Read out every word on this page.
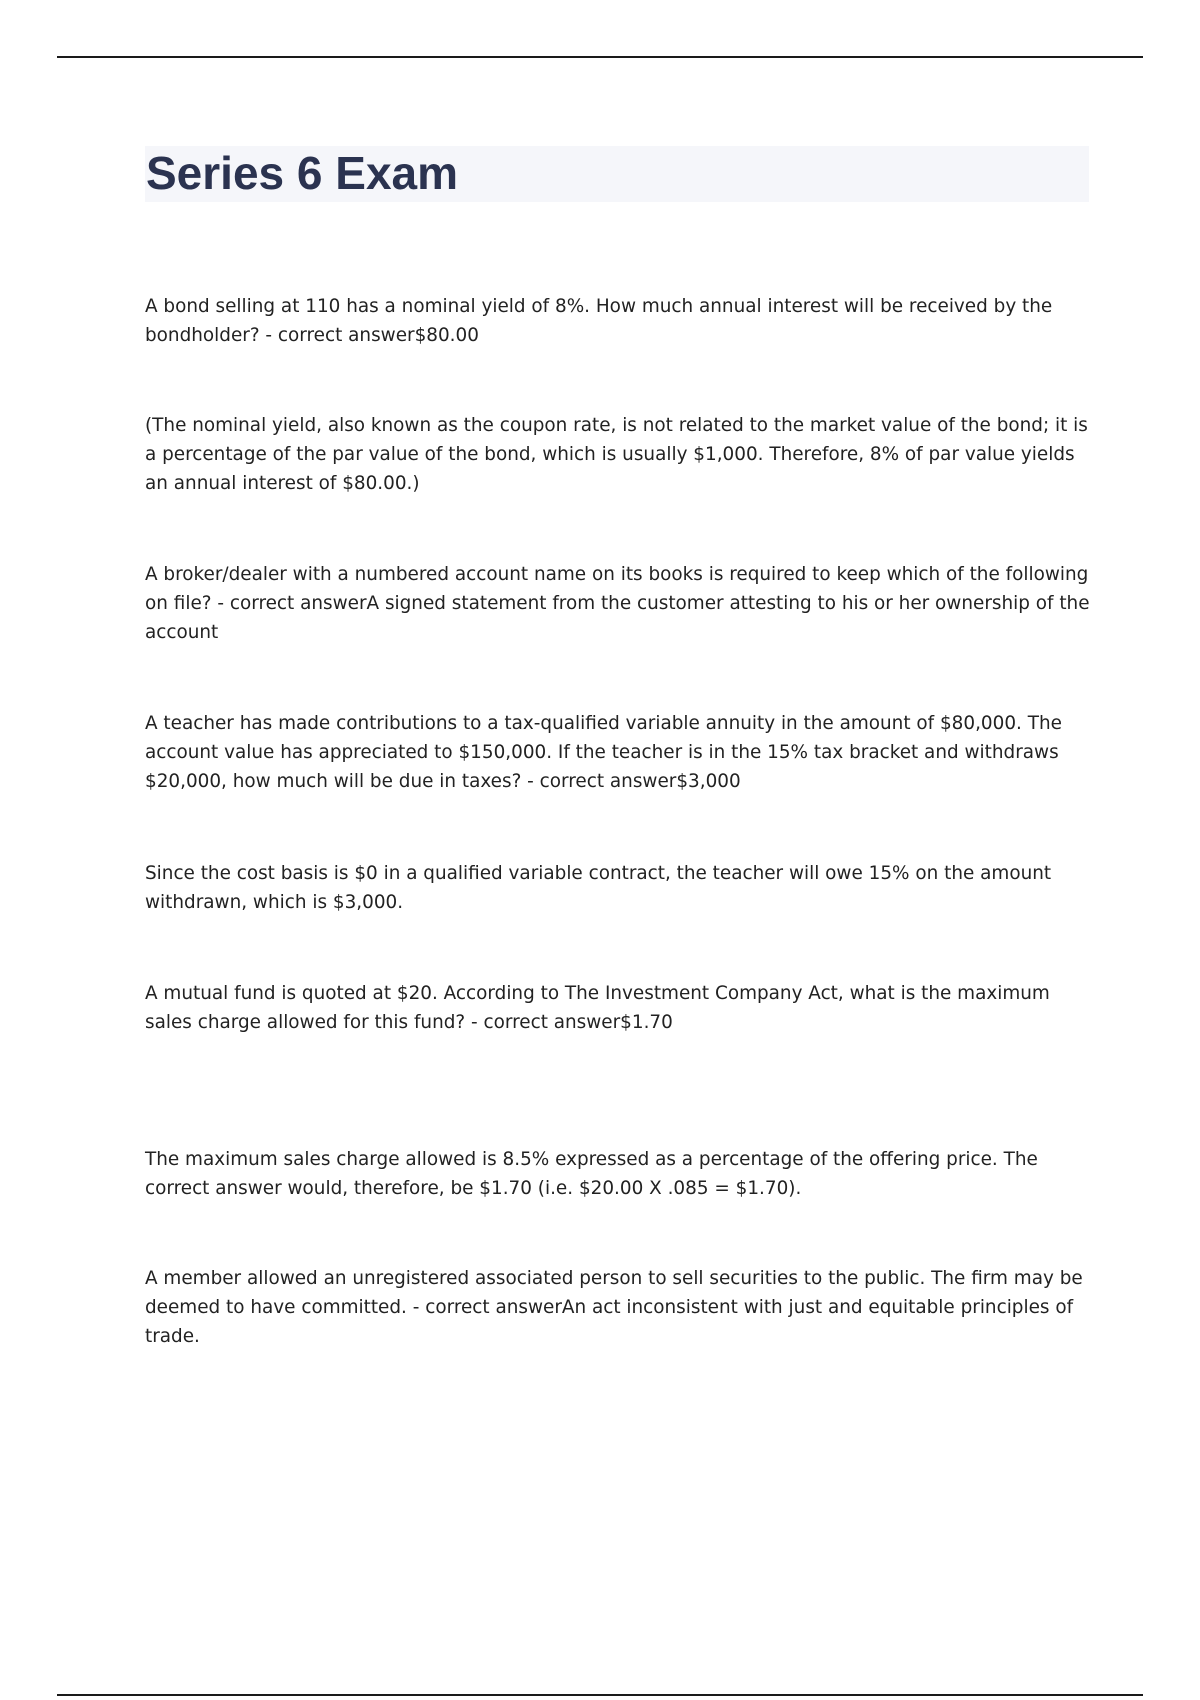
Series 6 Exam

A bond selling at 110 has a nominal yield of 8%. How much annual interest will be received by the bondholder? - correct answer$80.00

(The nominal yield, also known as the coupon rate, is not related to the market value of the bond; it is a percentage of the par value of the bond, which is usually $1,000. Therefore, 8% of par value yields an annual interest of $80.00.)

A broker/dealer with a numbered account name on its books is required to keep which of the following on file? - correct answerA signed statement from the customer attesting to his or her ownership of the account

A teacher has made contributions to a tax-qualified variable annuity in the amount of $80,000. The account value has appreciated to $150,000. If the teacher is in the 15% tax bracket and withdraws $20,000, how much will be due in taxes? - correct answer$3,000

Since the cost basis is $0 in a qualified variable contract, the teacher will owe 15% on the amount withdrawn, which is $3,000.

A mutual fund is quoted at $20. According to The Investment Company Act, what is the maximum sales charge allowed for this fund? - correct answer$1.70

The maximum sales charge allowed is 8.5% expressed as a percentage of the offering price. The correct answer would, therefore, be $1.70 (i.e. $20.00 X .085 = $1.70).

A member allowed an unregistered associated person to sell securities to the public. The firm may be deemed to have committed. - correct answerAn act inconsistent with just and equitable principles of trade.
